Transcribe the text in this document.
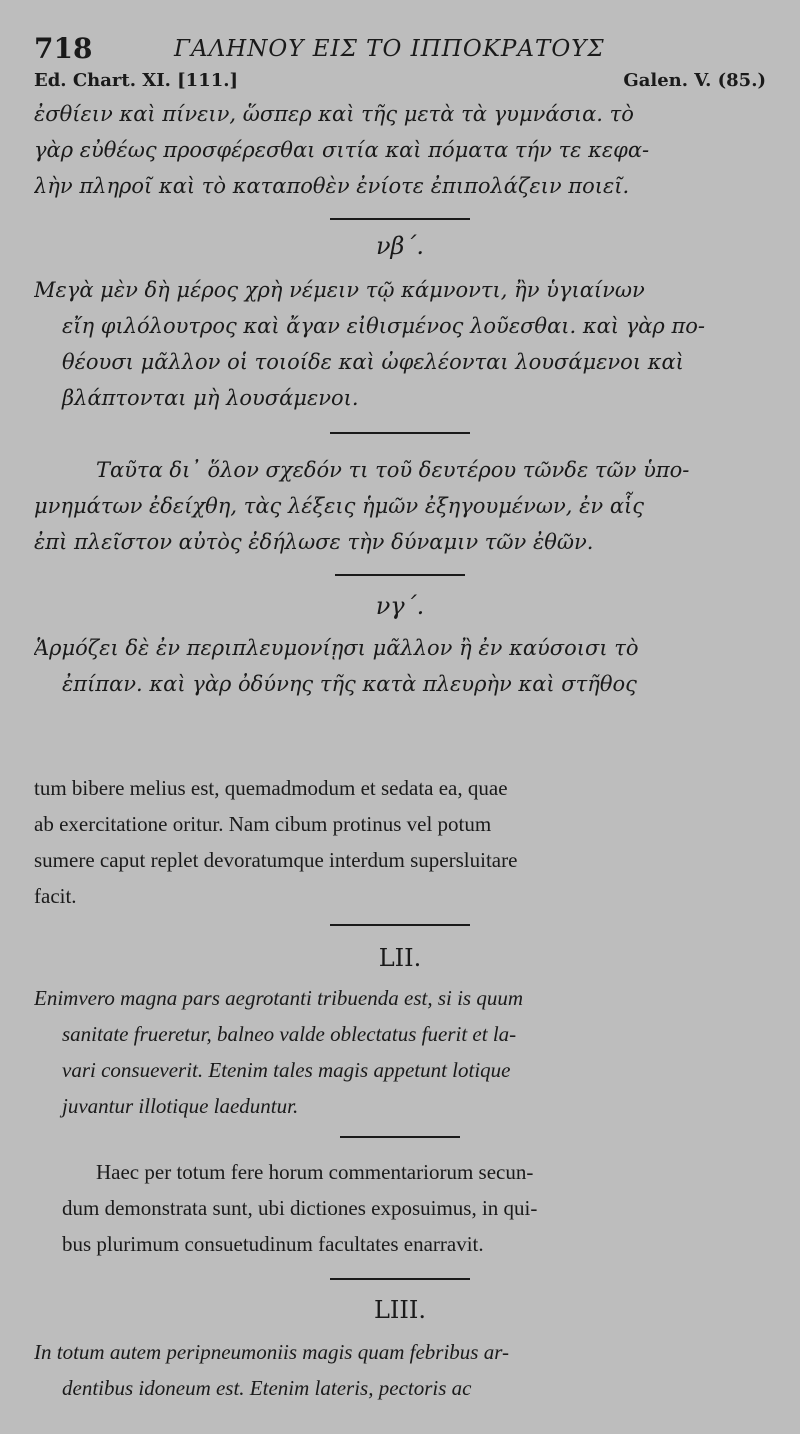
718	ΓΑΛΗΝΟΥ ΕΙΣ ΤΟ ΙΠΠΟΚΡΑΤΟΥΣ
Ed. Chart. XI. [111.]	Galen. V. (85.)
ἐσθίειν καὶ πίνειν, ὥσπερ καὶ τῆς μετὰ τὰ γυμνάσια. τὸ
γὰρ εὐθέως προσφέρεσθαι σιτία καὶ πόματα τήν τε κεφα-
λὴν πληροῖ καὶ τὸ καταποθὲν ἐνίοτε ἐπιπολάζειν ποιεῖ.
νβ΄.
Μεγὰ μὲν δὴ μέρος χρὴ νέμειν τῷ κάμνοντι, ἢν ὑγιαίνων
εἴη φιλόλουτρος καὶ ἄγαν εἰθισμένος λοῦεσθαι. καὶ γὰρ πο-
θέουσι μᾶλλον οἱ τοιοίδε καὶ ὠφελέονται λουσάμενοι καὶ
βλάπτονται μὴ λουσάμενοι.
Ταῦτα δι᾽ ὅλον σχεδόν τι τοῦ δευτέρου τῶνδε τῶν ὑπο-
μνημάτων ἐδείχθη, τὰς λέξεις ἡμῶν ἐξηγουμένων, ἐν αἷς
ἐπὶ πλεῖστον αὐτὸς ἐδήλωσε τὴν δύναμιν τῶν ἐθῶν.
νγ΄.
Ἁρμόζει δὲ ἐν περιπλευμονίῃσι μᾶλλον ἢ ἐν καύσοισι τὸ
ἐπίπαν. καὶ γὰρ ὀδύνης τῆς κατὰ πλευρὴν καὶ στῆθος
tum bibere melius est, quemadmodum et sedata ea, quae
ab exercitatione oritur. Nam cibum protinus vel potum
sumere caput replet devoratumque interdum supersluitare
facit.
LII.
Enimvero magna pars aegrotanti tribuenda est, si is quum
sanitate frueretur, balneo valde oblectatus fuerit et la-
vari consueverit. Etenim tales magis appetunt lotique
juvantur illotique laeduntur.
Haec per totum fere horum commentariorum secun-
dum demonstrata sunt, ubi dictiones exposuimus, in qui-
bus plurimum consuetudinum facultates enarravit.
LIII.
In totum autem peripneumoniis magis quam febribus ar-
dentibus idoneum est. Etenim lateris, pectoris ac
